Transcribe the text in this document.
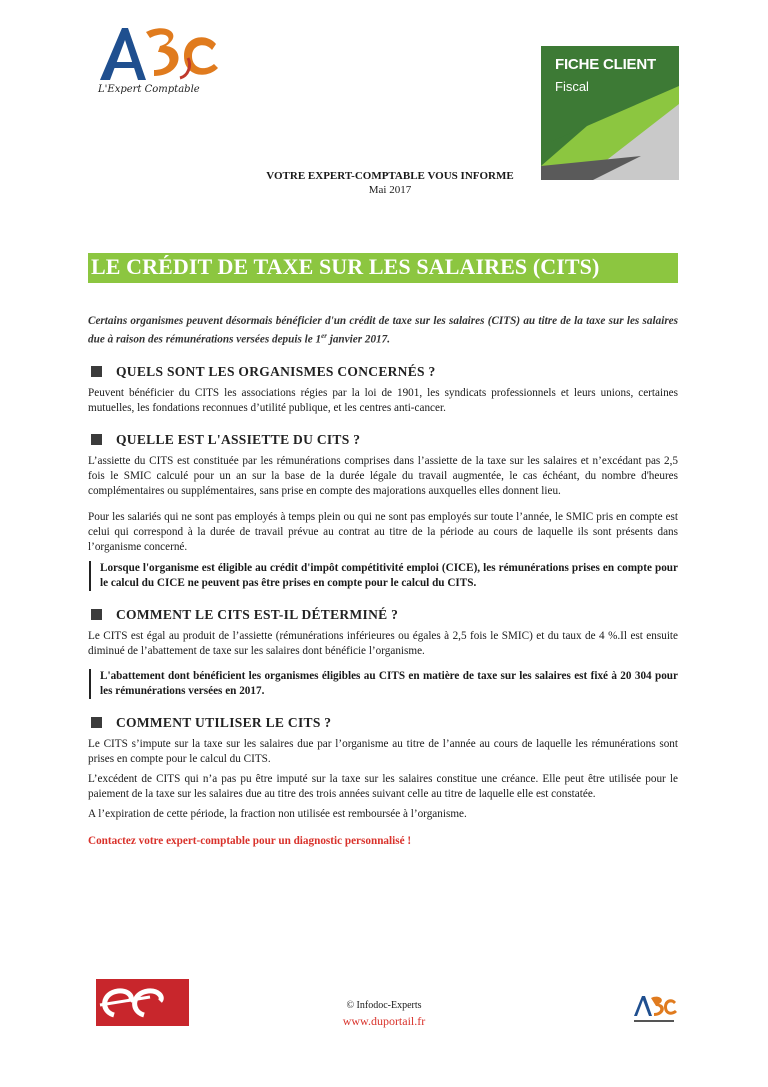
L'Expert Comptable
FICHE CLIENT
Fiscal
VOTRE EXPERT-COMPTABLE VOUS INFORME
Mai 2017
LE CRÉDIT DE TAXE SUR LES SALAIRES (CITS)

Certains organismes peuvent désormais bénéficier d'un crédit de taxe sur les salaires (CITS) au titre de la taxe sur les salaires due à raison des rémunérations versées depuis le 1er janvier 2017.

QUELS SONT LES ORGANISMES CONCERNÉS ?

Peuvent bénéficier du CITS les associations régies par la loi de 1901, les syndicats professionnels et leurs unions, certaines mutuelles, les fondations reconnues d’utilité publique, et les centres anti-cancer.

QUELLE EST L'ASSIETTE DU CITS ?

L’assiette du CITS est constituée par les rémunérations comprises dans l’assiette de la taxe sur les salaires et n’excédant pas 2,5 fois le SMIC calculé pour un an sur la base de la durée légale du travail augmentée, le cas échéant, du nombre d'heures complémentaires ou supplémentaires, sans prise en compte des majorations auxquelles elles donnent lieu.

Pour les salariés qui ne sont pas employés à temps plein ou qui ne sont pas employés sur toute l’année, le SMIC pris en compte est celui qui correspond à la durée de travail prévue au contrat au titre de la période au cours de laquelle ils sont présents dans l’organisme concerné.

Lorsque l'organisme est éligible au crédit d'impôt compétitivité emploi (CICE), les rémunérations prises en compte pour le calcul du CICE ne peuvent pas être prises en compte pour le calcul du CITS.

COMMENT LE CITS EST-IL DÉTERMINÉ ?

Le CITS est égal au produit de l’assiette (rémunérations inférieures ou égales à 2,5 fois le SMIC) et du taux de 4 %.Il est ensuite diminué de l’abattement de taxe sur les salaires dont bénéficie l’organisme.

L'abattement dont bénéficient les organismes éligibles au CITS en matière de taxe sur les salaires est fixé à 20 304 pour les rémunérations versées en 2017.

COMMENT UTILISER LE CITS ?

Le CITS s’impute sur la taxe sur les salaires due par l’organisme au titre de l’année au cours de laquelle les rémunérations sont prises en compte pour le calcul du CITS.

L’excédent de CITS qui n’a pas pu être imputé sur la taxe sur les salaires constitue une créance. Elle peut être utilisée pour le paiement de la taxe sur les salaires due au titre des trois années suivant celle au titre de laquelle elle est constatée.

A l’expiration de cette période, la fraction non utilisée est remboursée à l’organisme.

Contactez votre expert-comptable pour un diagnostic personnalisé !

© Infodoc-Experts
www.duportail.fr
